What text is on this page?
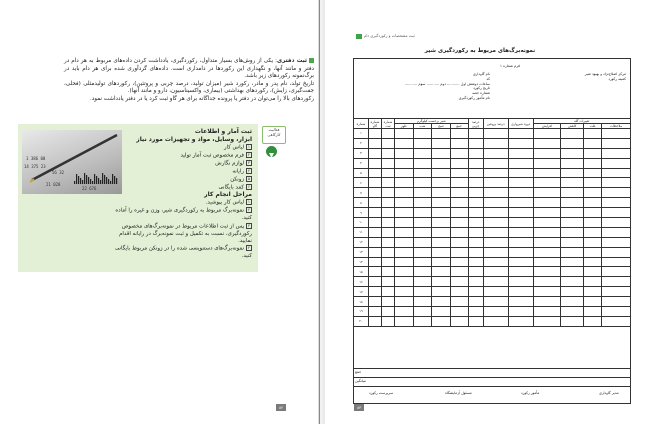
ثبت دفتری: یکی از روش‌های بسیار متداول، رکوردگیری، یادداشت کردن داده‌های مربوط به هر دام در دفتر و مانند آنها، و نگهداری این رکوردها در دامداری است. داده‌های گردآوری شده برای هر دام باید در برگ‌نمونه رکوردهای زیر باشد.
تاریخ تولد، نام پدر و مادر، رکورد شیر (میزان تولید، درصد چربی و پروتئین)، رکوردهای تولیدمثلی (فحلی، جفت‌گیری، زایش)، رکوردهای بهداشتی (بیماری، واکسیناسیون، دارو و مانند آنها).
رکوردهای بالا را می‌توان در دفتر یا پرونده جداگانه برای هر گاو ثبت کرد یا در دفتر یادداشت نمود.
ثبت آمار و اطلاعات
ابزار، وسایل، مواد و تجهیزات مورد نیاز
۱لباس کار
۲فرم مخصوص ثبت آمار تولید
۳لوازم نگارش
۴رایانه
۵زونکن
۶کمد بایگانی
مراحل انجام کار
۱لباس کار بپوشید.
۲نمونه‌برگ مربوط به رکوردگیری شیر، وزن و غیره را آماده کنید.
۳پس از ثبت اطلاعات مربوط در نمونه‌برگ‌های مخصوص رکوردگیری، نسبت به تکمیل و ثبت نمونه‌برگ در رایانه اقدام نمایید.
۴نمونه‌برگ‌های دستنویسی شده را در زونکن مربوط بایگانی کنید.
1 386 00
14 375 23
56 32
21 028
22 676
فعالیت کارگاهی
۸۲
ثبت مشخصات و رکوردگیری دام
نمونه‌برگ‌های مربوط به رکوردگیری شیر
فرم شماره ۱
مرکز اصلاح‌نژاد و بهبود شیر
کمیته رکورد
نام گاوداری
کد
ساعات دوشش اول ........... دوم ........... سوم ...........
تاریخ رکورد
شماره جعبه
نام مأمور رکوردگیری
شماره	شماره گاو	شماره ثبت	شیر برحسب کیلوگرم				درصد چربی	درصد پروتئین	دوره شیرواری	تغییرات گله			
			ظهر	شب	صبح	جمع				افزایش	کاهش	علت	ملاحظات
۱													
۲													
۳													
۴													
۵													
۶													
۷													
۸													
۹													
۱۰													
۱۱													
۱۲													
۱۳													
۱۴													
۱۵													
۱۶													
۱۷													
۱۸													
۱۹													
۲۰													
جمع
میانگین
مدیر گاوداری
مأمور رکورد
مسئول آزمایشگاه
سرپرست رکورد
۸۳
